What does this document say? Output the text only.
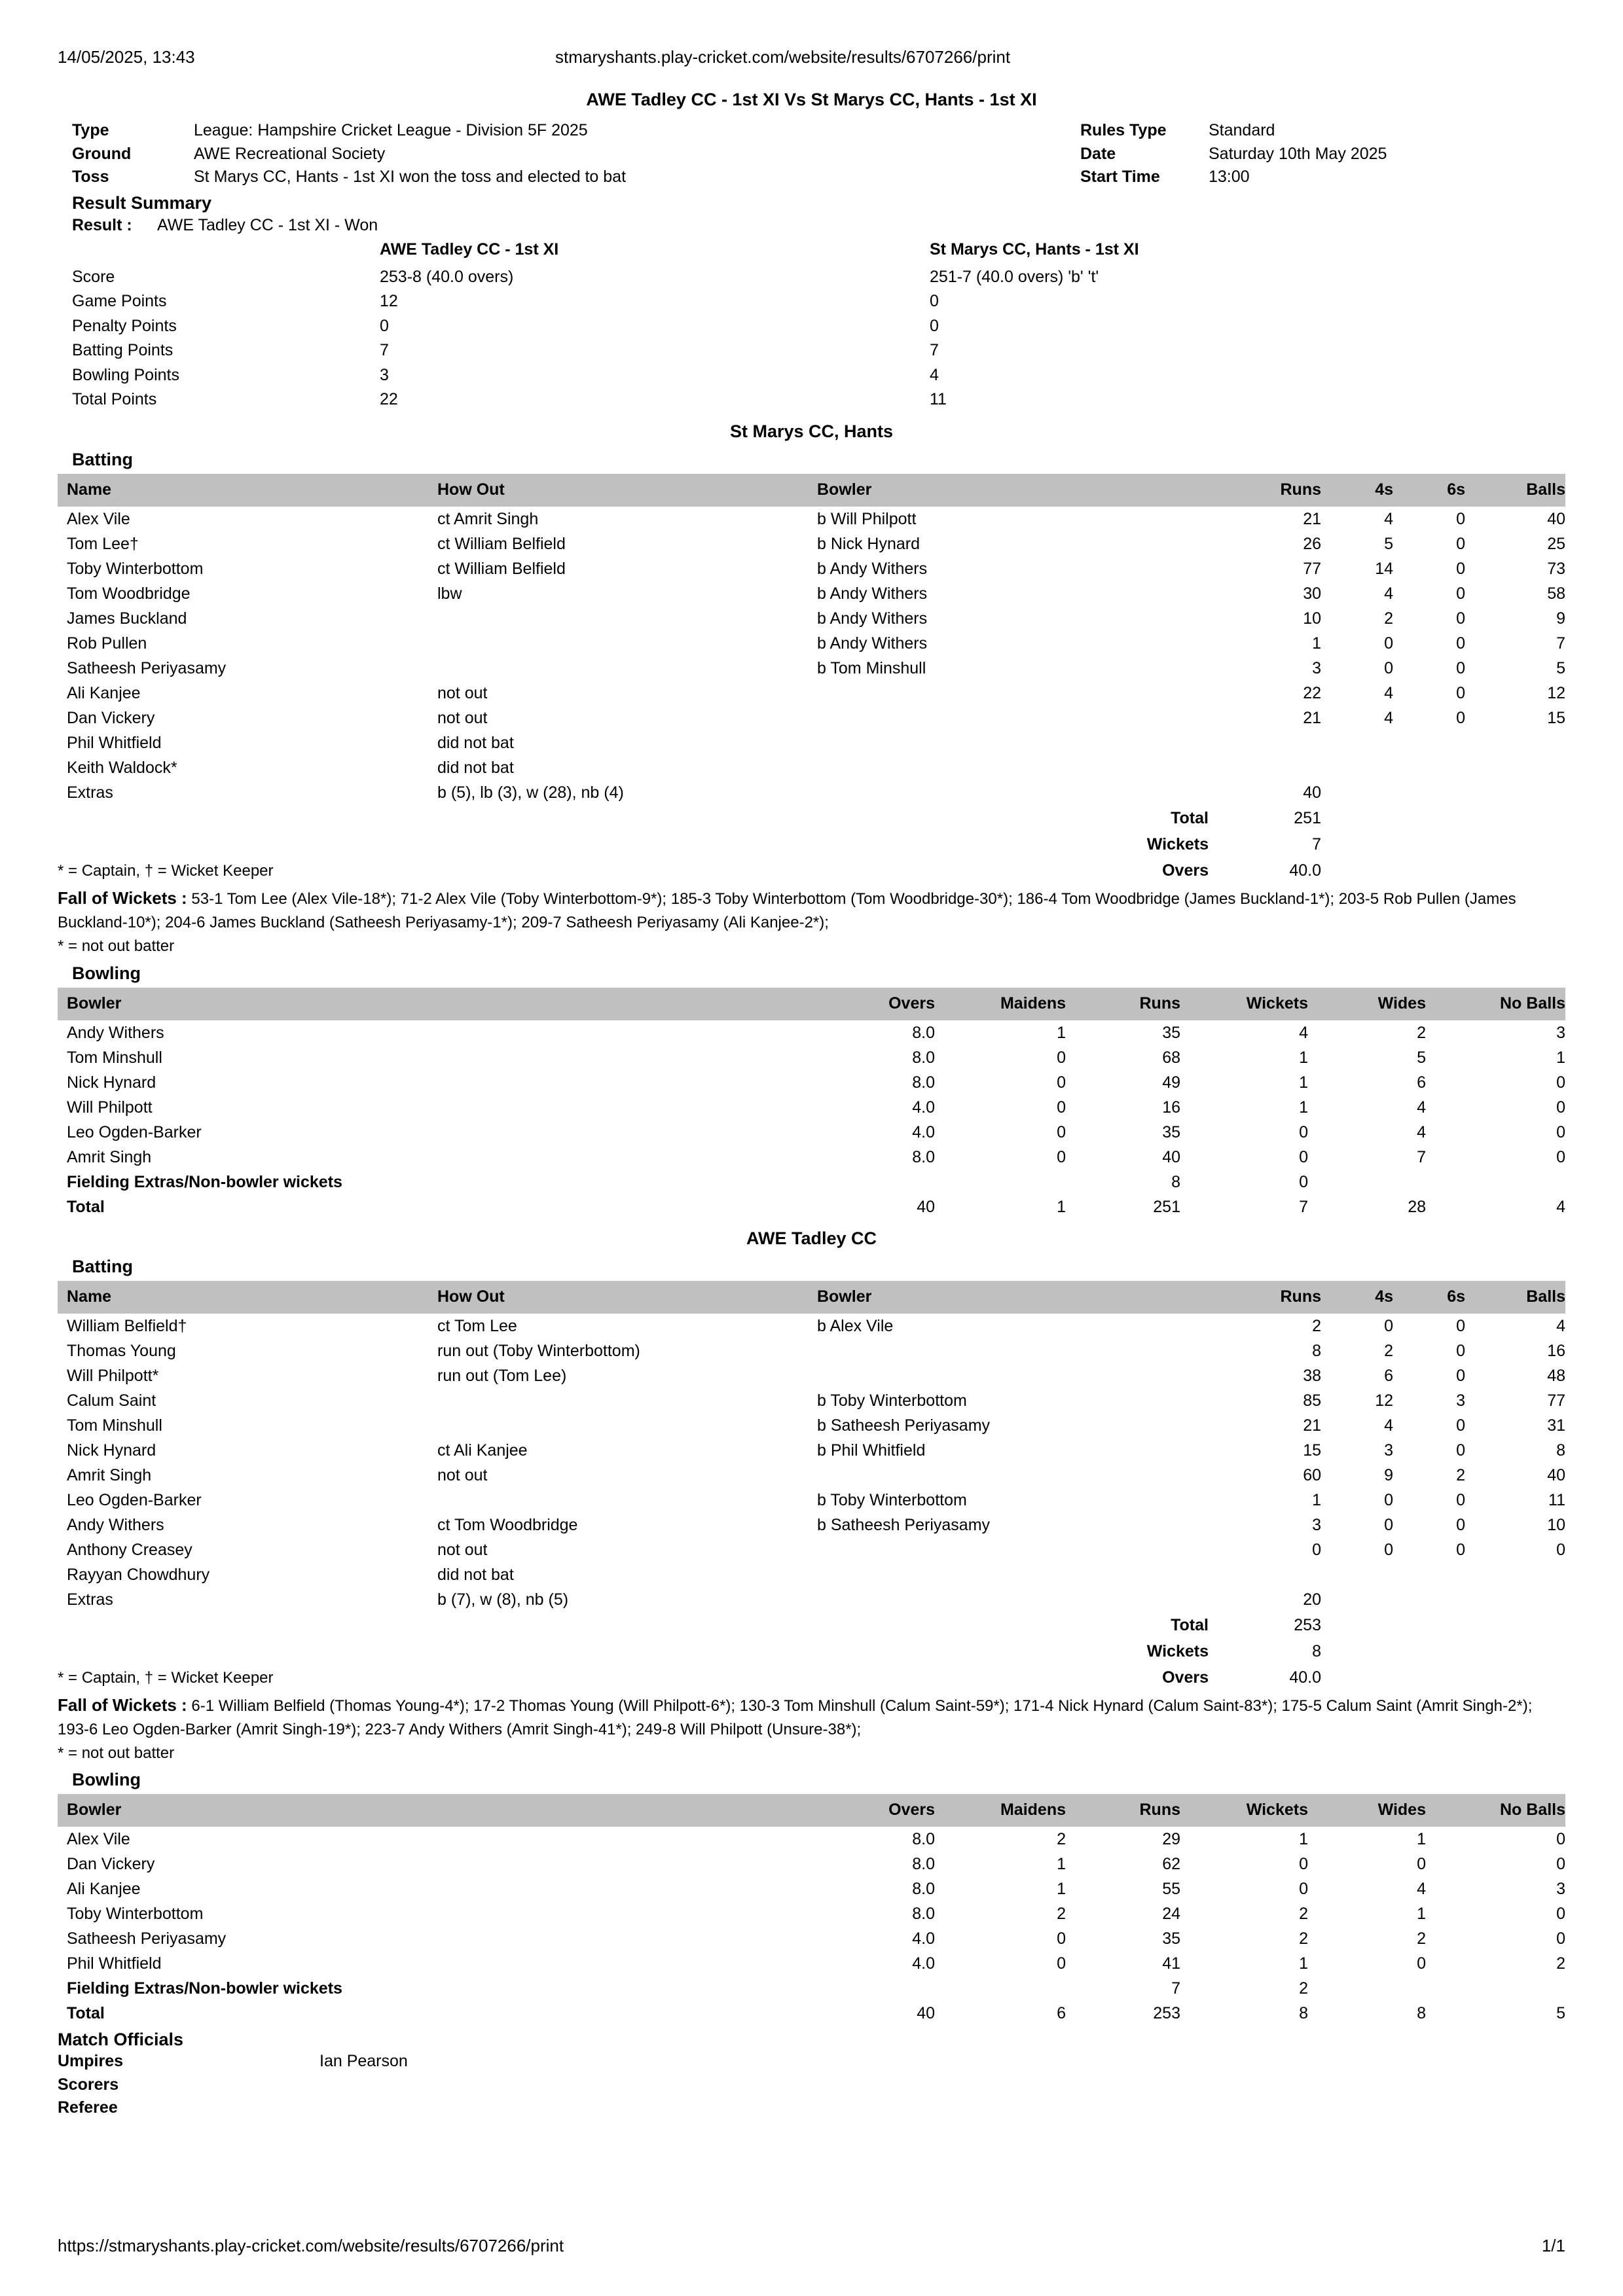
14/05/2025, 13:43	stmaryshants.play-cricket.com/website/results/6707266/print
AWE Tadley CC - 1st XI Vs St Marys CC, Hants - 1st XI
Type	League: Hampshire Cricket League - Division 5F 2025
Ground	AWE Recreational Society
Toss	St Marys CC, Hants - 1st XI won the toss and elected to bat
Rules Type	Standard
Date	Saturday 10th May 2025
Start Time	13:00
Result Summary
Result :	AWE Tadley CC - 1st XI - Won
	AWE Tadley CC - 1st XI	St Marys CC, Hants - 1st XI
Score	253-8 (40.0 overs)	251-7 (40.0 overs) 'b' 't'
Game Points	12	0
Penalty Points	0	0
Batting Points	7	7
Bowling Points	3	4
Total Points	22	11
St Marys CC, Hants
Batting
Name	How Out	Bowler	Runs	4s	6s	Balls
Alex Vile	ct Amrit Singh	b Will Philpott	21	4	0	40
Tom Lee†	ct William Belfield	b Nick Hynard	26	5	0	25
Toby Winterbottom	ct William Belfield	b Andy Withers	77	14	0	73
Tom Woodbridge	lbw	b Andy Withers	30	4	0	58
James Buckland		b Andy Withers	10	2	0	9
Rob Pullen		b Andy Withers	1	0	0	7
Satheesh Periyasamy		b Tom Minshull	3	0	0	5
Ali Kanjee	not out		22	4	0	12
Dan Vickery	not out		21	4	0	15
Phil Whitfield	did not bat					
Keith Waldock*	did not bat					
Extras	b (5), lb (3), w (28), nb (4)		40			
		Total	251			
		Wickets	7			
* = Captain, † = Wicket Keeper		Overs	40.0			
Fall of Wickets : 53-1 Tom Lee (Alex Vile-18*); 71-2 Alex Vile (Toby Winterbottom-9*); 185-3 Toby Winterbottom (Tom Woodbridge-30*); 186-4 Tom Woodbridge (James Buckland-1*); 203-5 Rob Pullen (James Buckland-10*); 204-6 James Buckland (Satheesh Periyasamy-1*); 209-7 Satheesh Periyasamy (Ali Kanjee-2*);
* = not out batter
Bowling
Bowler	Overs	Maidens	Runs	Wickets	Wides	No Balls
Andy Withers	8.0	1	35	4	2	3
Tom Minshull	8.0	0	68	1	5	1
Nick Hynard	8.0	0	49	1	6	0
Will Philpott	4.0	0	16	1	4	0
Leo Ogden-Barker	4.0	0	35	0	4	0
Amrit Singh	8.0	0	40	0	7	0
Fielding Extras/Non-bowler wickets			8	0		
Total	40	1	251	7	28	4
AWE Tadley CC
Batting
Name	How Out	Bowler	Runs	4s	6s	Balls
William Belfield†	ct Tom Lee	b Alex Vile	2	0	0	4
Thomas Young	run out (Toby Winterbottom)		8	2	0	16
Will Philpott*	run out (Tom Lee)		38	6	0	48
Calum Saint		b Toby Winterbottom	85	12	3	77
Tom Minshull		b Satheesh Periyasamy	21	4	0	31
Nick Hynard	ct Ali Kanjee	b Phil Whitfield	15	3	0	8
Amrit Singh	not out		60	9	2	40
Leo Ogden-Barker		b Toby Winterbottom	1	0	0	11
Andy Withers	ct Tom Woodbridge	b Satheesh Periyasamy	3	0	0	10
Anthony Creasey	not out		0	0	0	0
Rayyan Chowdhury	did not bat					
Extras	b (7), w (8), nb (5)		20			
		Total	253			
		Wickets	8			
* = Captain, † = Wicket Keeper		Overs	40.0			
Fall of Wickets : 6-1 William Belfield (Thomas Young-4*); 17-2 Thomas Young (Will Philpott-6*); 130-3 Tom Minshull (Calum Saint-59*); 171-4 Nick Hynard (Calum Saint-83*); 175-5 Calum Saint (Amrit Singh-2*); 193-6 Leo Ogden-Barker (Amrit Singh-19*); 223-7 Andy Withers (Amrit Singh-41*); 249-8 Will Philpott (Unsure-38*);
* = not out batter
Bowling
Bowler	Overs	Maidens	Runs	Wickets	Wides	No Balls
Alex Vile	8.0	2	29	1	1	0
Dan Vickery	8.0	1	62	0	0	0
Ali Kanjee	8.0	1	55	0	4	3
Toby Winterbottom	8.0	2	24	2	1	0
Satheesh Periyasamy	4.0	0	35	2	2	0
Phil Whitfield	4.0	0	41	1	0	2
Fielding Extras/Non-bowler wickets			7	2		
Total	40	6	253	8	8	5
Match Officials
Umpires	Ian Pearson
Scorers
Referee
https://stmaryshants.play-cricket.com/website/results/6707266/print	1/1
